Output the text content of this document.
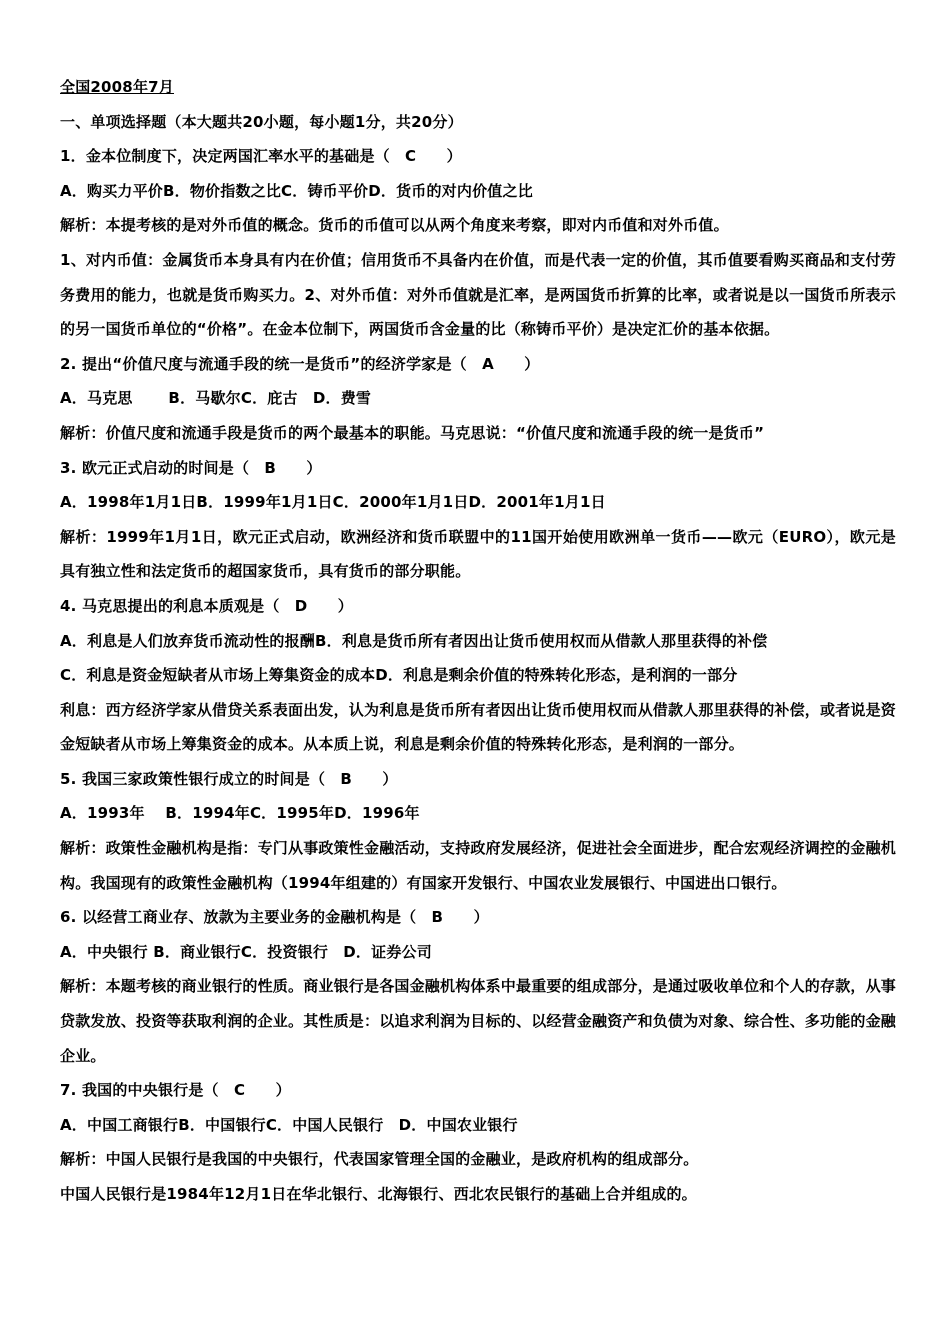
全国2008年7月
一、单项选择题（本大题共20小题，每小题1分，共20分）
1．金本位制度下，决定两国汇率水平的基础是（　C　　）
A．购买力平价B．物价指数之比C．铸币平价D．货币的对内价值之比
解析：本提考核的是对外币值的概念。货币的币值可以从两个角度来考察，即对内币值和对外币值。
1、对内币值：金属货币本身具有内在价值；信用货币不具备内在价值，而是代表一定的价值，其币值要看购买商品和支付劳务费用的能力，也就是货币购买力。2、对外币值：对外币值就是汇率，是两国货币折算的比率，或者说是以一国货币所表示的另一国货币单位的“价格”。在金本位制下，两国货币含金量的比（称铸币平价）是决定汇价的基本依据。
2. 提出“价值尺度与流通手段的统一是货币”的经济学家是（　A　　）
A．马克思　　 B．马歇尔C．庇古　D．费雪
解析：价值尺度和流通手段是货币的两个最基本的职能。马克思说：“价值尺度和流通手段的统一是货币”
3. 欧元正式启动的时间是（　B　　）
A．1998年1月1日B．1999年1月1日C．2000年1月1日D．2001年1月1日
解析：1999年1月1日，欧元正式启动，欧洲经济和货币联盟中的11国开始使用欧洲单一货币——欧元（EURO），欧元是具有独立性和法定货币的超国家货币，具有货币的部分职能。
4. 马克思提出的利息本质观是（　D　　）
A．利息是人们放弃货币流动性的报酬B．利息是货币所有者因出让货币使用权而从借款人那里获得的补偿
C．利息是资金短缺者从市场上筹集资金的成本D．利息是剩余价值的特殊转化形态，是利润的一部分
利息：西方经济学家从借贷关系表面出发，认为利息是货币所有者因出让货币使用权而从借款人那里获得的补偿，或者说是资金短缺者从市场上筹集资金的成本。从本质上说，利息是剩余价值的特殊转化形态，是利润的一部分。
5. 我国三家政策性银行成立的时间是（　B　　）
A．1993年　 B．1994年C．1995年D．1996年
解析：政策性金融机构是指：专门从事政策性金融活动，支持政府发展经济，促进社会全面进步，配合宏观经济调控的金融机构。我国现有的政策性金融机构（1994年组建的）有国家开发银行、中国农业发展银行、中国进出口银行。
6. 以经营工商业存、放款为主要业务的金融机构是（　B　　）
A．中央银行 B．商业银行C．投资银行　D．证券公司
解析：本题考核的商业银行的性质。商业银行是各国金融机构体系中最重要的组成部分，是通过吸收单位和个人的存款，从事贷款发放、投资等获取利润的企业。其性质是：以追求利润为目标的、以经营金融资产和负债为对象、综合性、多功能的金融企业。
7. 我国的中央银行是（　C　　）
A．中国工商银行B．中国银行C．中国人民银行　D．中国农业银行
解析：中国人民银行是我国的中央银行，代表国家管理全国的金融业，是政府机构的组成部分。
中国人民银行是1984年12月1日在华北银行、北海银行、西北农民银行的基础上合并组成的。
